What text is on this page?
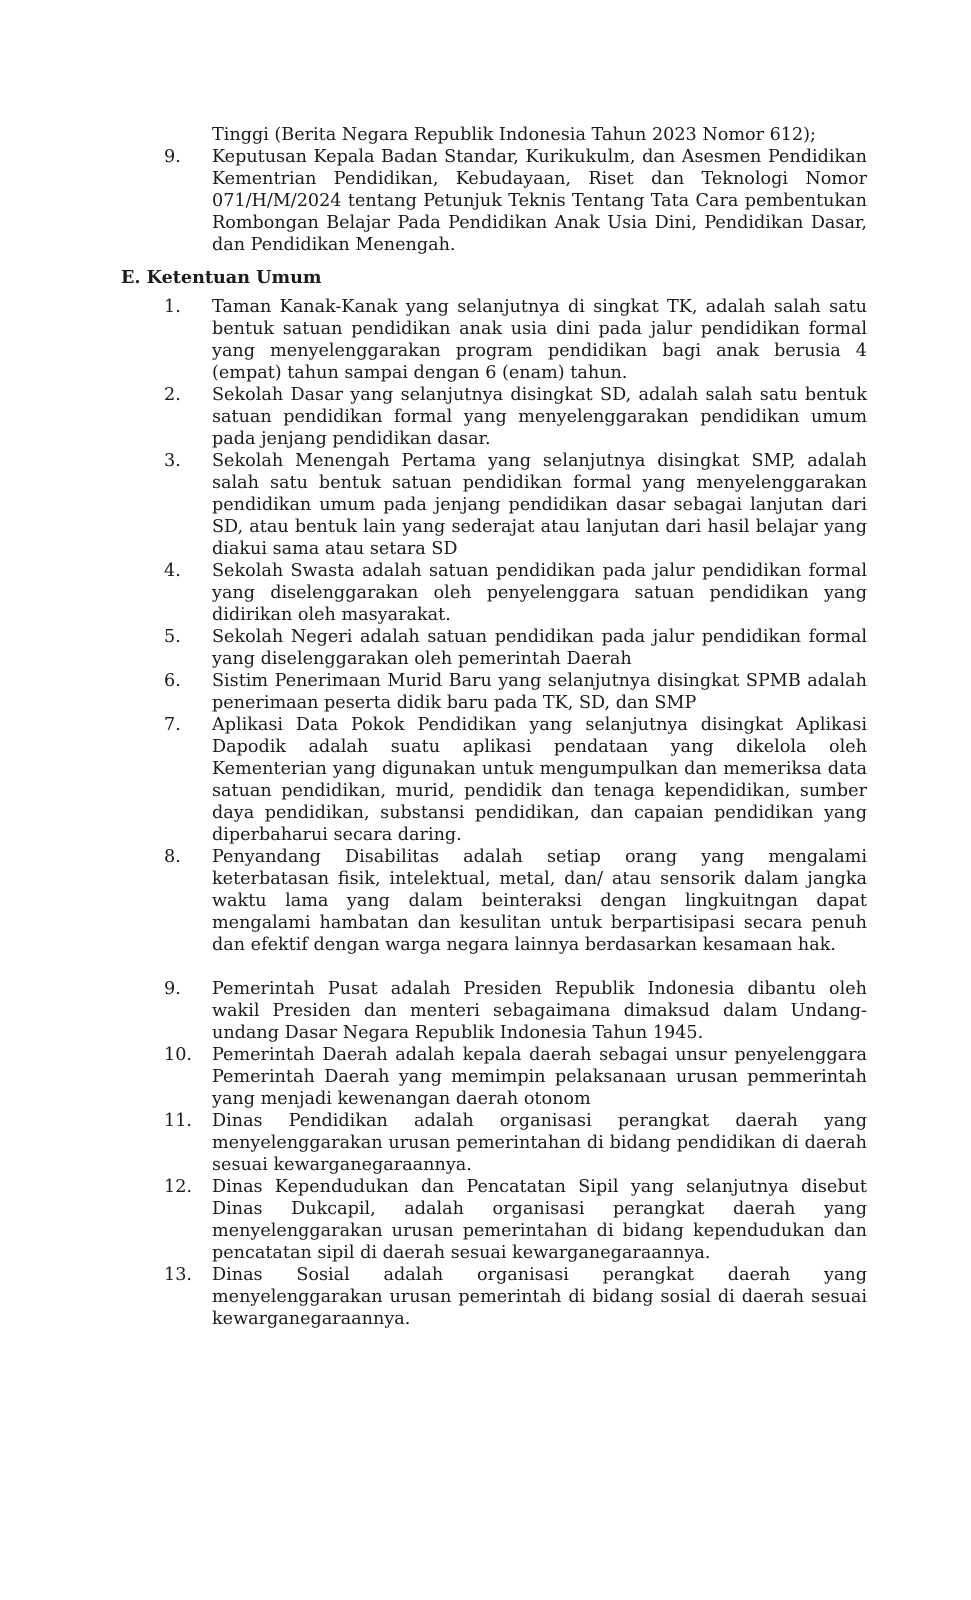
Tinggi (Berita Negara Republik Indonesia Tahun 2023 Nomor 612);
9.	Keputusan Kepala Badan Standar, Kurikukulm, dan Asesmen Pendidikan Kementrian Pendidikan, Kebudayaan, Riset dan Teknologi Nomor 071/H/M/2024 tentang Petunjuk Teknis Tentang Tata Cara pembentukan Rombongan Belajar Pada Pendidikan Anak Usia Dini, Pendidikan Dasar, dan Pendidikan Menengah.
E. Ketentuan Umum
1.	Taman Kanak-Kanak yang selanjutnya di singkat TK, adalah salah satu bentuk satuan pendidikan anak usia dini pada jalur pendidikan formal yang menyelenggarakan program pendidikan bagi anak berusia 4 (empat) tahun sampai dengan 6 (enam) tahun.
2.	Sekolah Dasar yang selanjutnya disingkat SD, adalah salah satu bentuk satuan pendidikan formal yang menyelenggarakan pendidikan umum pada jenjang pendidikan dasar.
3.	Sekolah Menengah Pertama yang selanjutnya disingkat SMP, adalah salah satu bentuk satuan pendidikan formal yang menyelenggarakan pendidikan umum pada jenjang pendidikan dasar sebagai lanjutan dari SD, atau bentuk lain yang sederajat atau lanjutan dari hasil belajar yang diakui sama atau setara SD
4.	Sekolah Swasta adalah satuan pendidikan pada jalur pendidikan formal yang diselenggarakan oleh penyelenggara satuan pendidikan yang didirikan oleh masyarakat.
5.	Sekolah Negeri adalah satuan pendidikan pada jalur pendidikan formal yang diselenggarakan oleh pemerintah Daerah
6.	Sistim Penerimaan Murid Baru yang selanjutnya disingkat SPMB adalah penerimaan peserta didik baru pada TK, SD, dan SMP
7.	Aplikasi Data Pokok Pendidikan yang selanjutnya disingkat Aplikasi Dapodik adalah suatu aplikasi pendataan yang dikelola oleh Kementerian yang digunakan untuk mengumpulkan dan memeriksa data satuan pendidikan, murid, pendidik dan tenaga kependidikan, sumber daya pendidikan, substansi pendidikan, dan capaian pendidikan yang diperbaharui secara daring.
8.	Penyandang Disabilitas adalah setiap orang yang mengalami keterbatasan fisik, intelektual, metal, dan/ atau sensorik dalam jangka waktu lama yang dalam beinteraksi dengan lingkuitngan dapat mengalami hambatan dan kesulitan untuk berpartisipasi secara penuh dan efektif dengan warga negara lainnya berdasarkan kesamaan hak.
9.	Pemerintah Pusat adalah Presiden Republik Indonesia dibantu oleh wakil Presiden dan menteri sebagaimana dimaksud dalam Undang-undang Dasar Negara Republik Indonesia Tahun 1945.
10.	Pemerintah Daerah adalah kepala daerah sebagai unsur penyelenggara Pemerintah Daerah yang memimpin pelaksanaan urusan pemmerintah yang menjadi kewenangan daerah otonom
11.	Dinas Pendidikan adalah organisasi perangkat daerah yang menyelenggarakan urusan pemerintahan di bidang pendidikan di daerah sesuai kewarganegaraannya.
12.	Dinas Kependudukan dan Pencatatan Sipil yang selanjutnya disebut Dinas Dukcapil, adalah organisasi perangkat daerah yang menyelenggarakan urusan pemerintahan di bidang kependudukan dan pencatatan sipil di daerah sesuai kewarganegaraannya.
13.	Dinas Sosial adalah organisasi perangkat daerah yang menyelenggarakan urusan pemerintah di bidang sosial di daerah sesuai kewarganegaraannya.
